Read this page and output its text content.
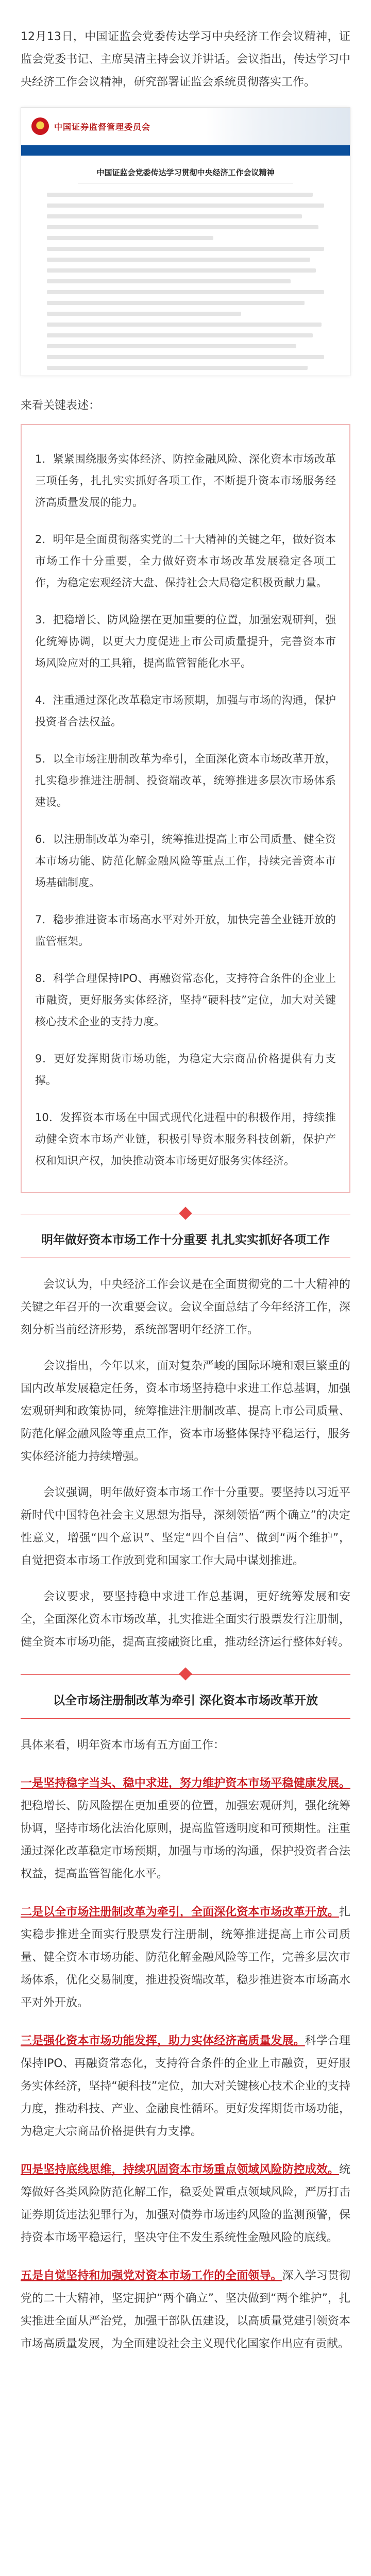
12月13日，中国证监会党委传达学习中央经济工作会议精神，证监会党委书记、主席吴清主持会议并讲话。会议指出，传达学习中央经济工作会议精神，研究部署证监会系统贯彻落实工作。

中国证券监督管理委员会
中国证监会党委传达学习贯彻中央经济工作会议精神
来看关键表述：

1．紧紧围绕服务实体经济、防控金融风险、深化资本市场改革三项任务，扎扎实实抓好各项工作，不断提升资本市场服务经济高质量发展的能力。

2．明年是全面贯彻落实党的二十大精神的关键之年，做好资本市场工作十分重要，全力做好资本市场改革发展稳定各项工作，为稳定宏观经济大盘、保持社会大局稳定积极贡献力量。

3．把稳增长、防风险摆在更加重要的位置，加强宏观研判，强化统筹协调，以更大力度促进上市公司质量提升，完善资本市场风险应对的工具箱，提高监管智能化水平。

4．注重通过深化改革稳定市场预期，加强与市场的沟通，保护投资者合法权益。

5．以全市场注册制改革为牵引，全面深化资本市场改革开放，扎实稳步推进注册制、投资端改革，统筹推进多层次市场体系建设。

6．以注册制改革为牵引，统筹推进提高上市公司质量、健全资本市场功能、防范化解金融风险等重点工作，持续完善资本市场基础制度。

7．稳步推进资本市场高水平对外开放，加快完善全业链开放的监管框架。

8．科学合理保持IPO、再融资常态化，支持符合条件的企业上市融资，更好服务实体经济，坚持“硬科技”定位，加大对关键核心技术企业的支持力度。

9．更好发挥期货市场功能，为稳定大宗商品价格提供有力支撑。

10．发挥资本市场在中国式现代化进程中的积极作用，持续推动健全资本市场产业链，积极引导资本服务科技创新，保护产权和知识产权，加快推动资本市场更好服务实体经济。

明年做好资本市场工作十分重要 扎扎实实抓好各项工作

会议认为，中央经济工作会议是在全面贯彻党的二十大精神的关键之年召开的一次重要会议。会议全面总结了今年经济工作，深刻分析当前经济形势，系统部署明年经济工作。

会议指出，今年以来，面对复杂严峻的国际环境和艰巨繁重的国内改革发展稳定任务，资本市场坚持稳中求进工作总基调，加强宏观研判和政策协同，统筹推进注册制改革、提高上市公司质量、防范化解金融风险等重点工作，资本市场整体保持平稳运行，服务实体经济能力持续增强。

会议强调，明年做好资本市场工作十分重要。要坚持以习近平新时代中国特色社会主义思想为指导，深刻领悟“两个确立”的决定性意义，增强“四个意识”、坚定“四个自信”、做到“两个维护”，自觉把资本市场工作放到党和国家工作大局中谋划推进。

会议要求，要坚持稳中求进工作总基调，更好统筹发展和安全，全面深化资本市场改革，扎实推进全面实行股票发行注册制，健全资本市场功能，提高直接融资比重，推动经济运行整体好转。

以全市场注册制改革为牵引 深化资本市场改革开放

具体来看，明年资本市场有五方面工作：

一是坚持稳字当头、稳中求进，努力维护资本市场平稳健康发展。把稳增长、防风险摆在更加重要的位置，加强宏观研判，强化统筹协调，坚持市场化法治化原则，提高监管透明度和可预期性。注重通过深化改革稳定市场预期，加强与市场的沟通，保护投资者合法权益，提高监管智能化水平。
二是以全市场注册制改革为牵引，全面深化资本市场改革开放。扎实稳步推进全面实行股票发行注册制，统筹推进提高上市公司质量、健全资本市场功能、防范化解金融风险等工作，完善多层次市场体系，优化交易制度，推进投资端改革，稳步推进资本市场高水平对外开放。
三是强化资本市场功能发挥，助力实体经济高质量发展。科学合理保持IPO、再融资常态化，支持符合条件的企业上市融资，更好服务实体经济，坚持“硬科技”定位，加大对关键核心技术企业的支持力度，推动科技、产业、金融良性循环。更好发挥期货市场功能，为稳定大宗商品价格提供有力支撑。
四是坚持底线思维，持续巩固资本市场重点领域风险防控成效。统筹做好各类风险防范化解工作，稳妥处置重点领域风险，严厉打击证券期货违法犯罪行为，加强对债券市场违约风险的监测预警，保持资本市场平稳运行，坚决守住不发生系统性金融风险的底线。
五是自觉坚持和加强党对资本市场工作的全面领导。深入学习贯彻党的二十大精神，坚定拥护“两个确立”、坚决做到“两个维护”，扎实推进全面从严治党，加强干部队伍建设，以高质量党建引领资本市场高质量发展，为全面建设社会主义现代化国家作出应有贡献。
